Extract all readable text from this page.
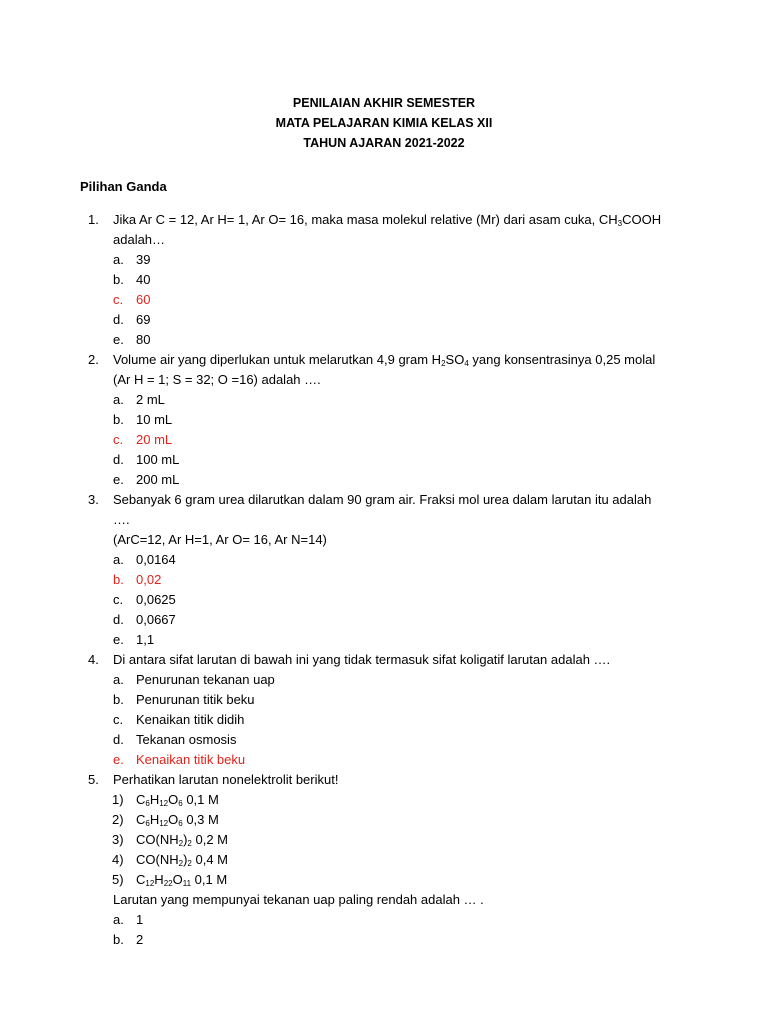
PENILAIAN AKHIR SEMESTER
MATA PELAJARAN KIMIA KELAS XII
TAHUN AJARAN 2021-2022
Pilihan Ganda
1. Jika Ar C = 12, Ar H= 1, Ar O= 16, maka masa molekul relative (Mr) dari asam cuka, $CH_3COOH$ adalah…
a. 39
b. 40
c. 60
d. 69
e. 80
2. Volume air yang diperlukan untuk melarutkan 4,9 gram $H_2SO_4$ yang konsentrasinya 0,25 molal (Ar H = 1; S = 32; O =16) adalah ….
a. 2 mL
b. 10 mL
c. 20 mL
d. 100 mL
e. 200 mL
3. Sebanyak 6 gram urea dilarutkan dalam 90 gram air. Fraksi mol urea dalam larutan itu adalah ….
(ArC=12, Ar H=1, Ar O= 16, Ar N=14)
a. 0,0164
b. 0,02
c. 0,0625
d. 0,0667
e. 1,1
4. Di antara sifat larutan di bawah ini yang tidak termasuk sifat koligatif larutan adalah ….
a. Penurunan tekanan uap
b. Penurunan titik beku
c. Kenaikan titik didih
d. Tekanan osmosis
e. Kenaikan titik beku
5. Perhatikan larutan nonelektrolit berikut!
1) $C_6H_{12}O_6$ 0,1 M
2) $C_6H_{12}O_6$ 0,3 M
3) $CO(NH_2)_2$ 0,2 M
4) $CO(NH_2)_2$ 0,4 M
5) $C_{12}H_{22}O_{11}$ 0,1 M
Larutan yang mempunyai tekanan uap paling rendah adalah … .
a. 1
b. 2
